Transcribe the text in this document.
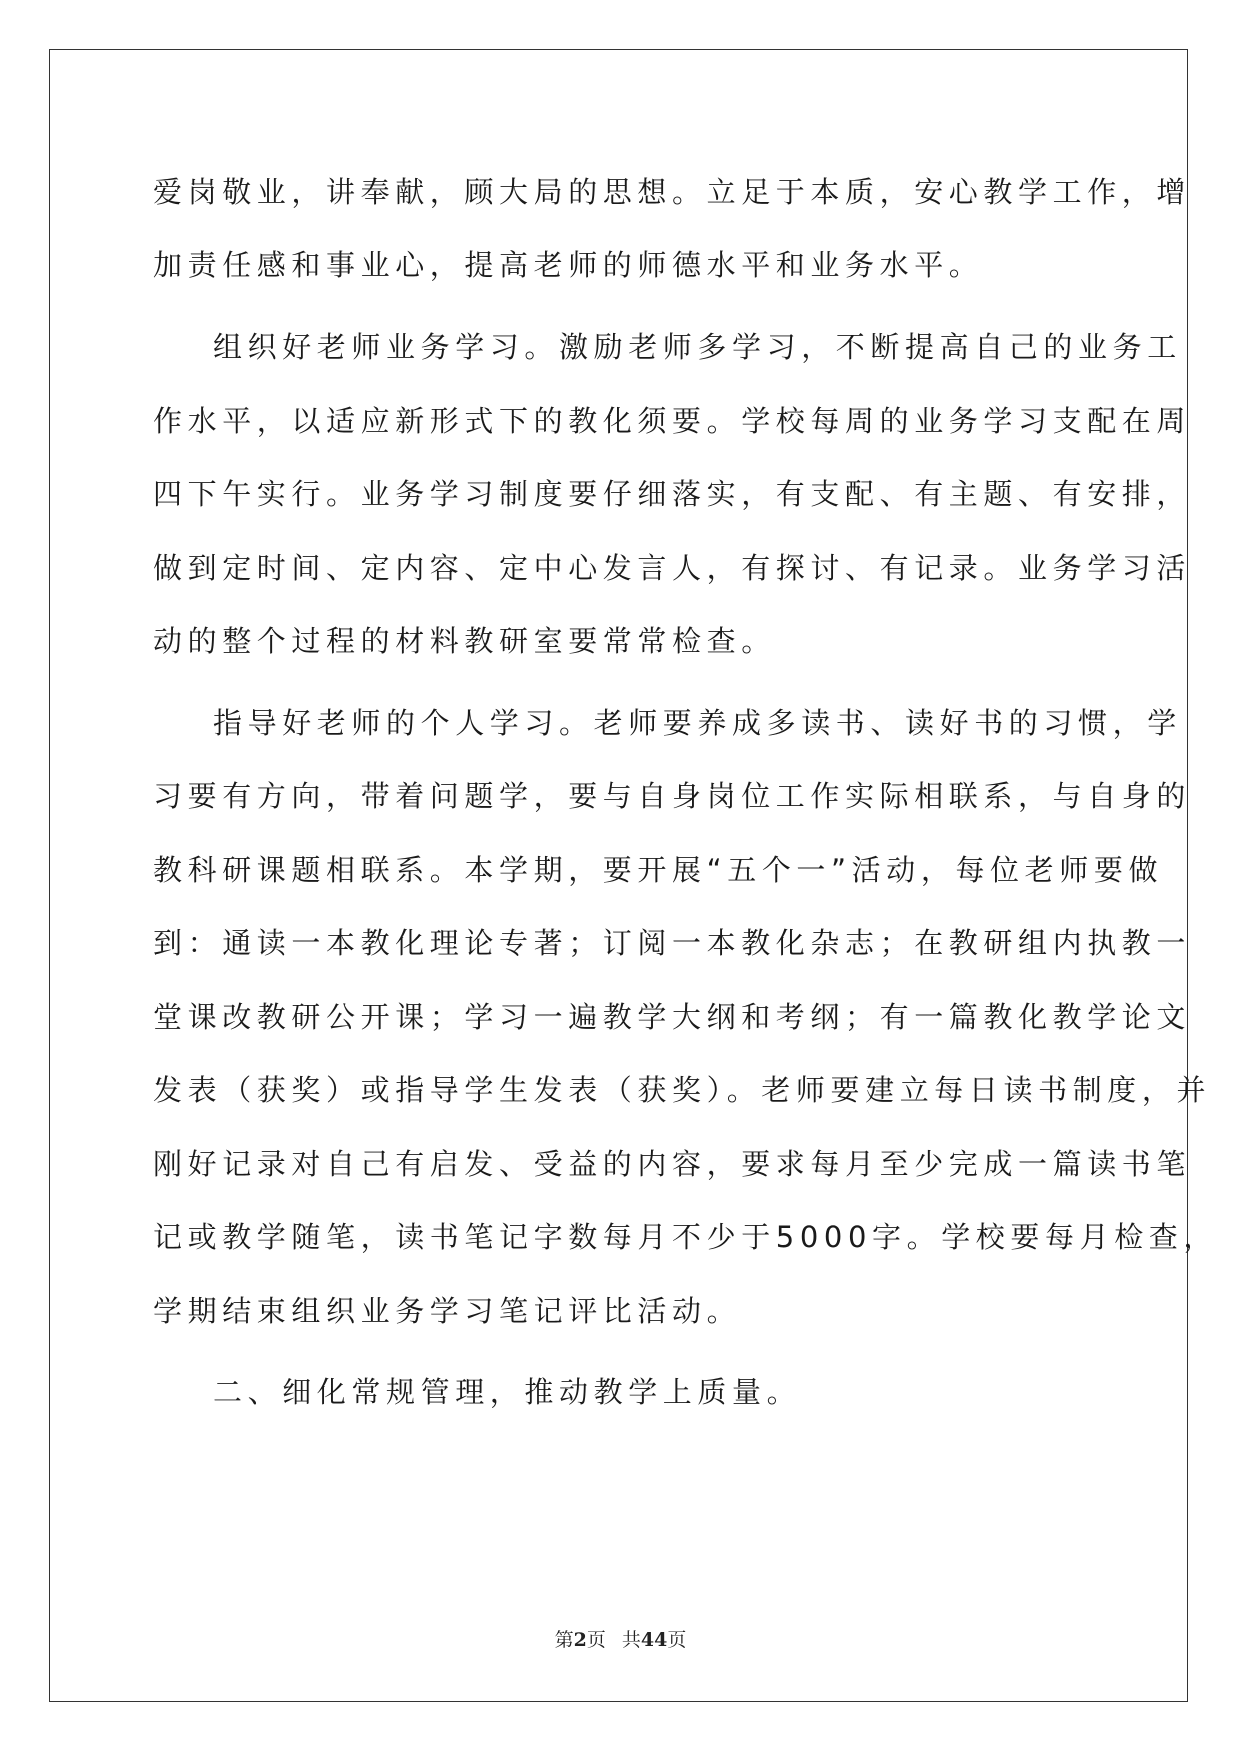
爱岗敬业，讲奉献，顾大局的思想。立足于本质，安心教学工作，增
加责任感和事业心，提高老师的师德水平和业务水平。
组织好老师业务学习。激励老师多学习，不断提高自己的业务工
作水平，以适应新形式下的教化须要。学校每周的业务学习支配在周
四下午实行。业务学习制度要仔细落实，有支配、有主题、有安排，
做到定时间、定内容、定中心发言人，有探讨、有记录。业务学习活
动的整个过程的材料教研室要常常检查。
指导好老师的个人学习。老师要养成多读书、读好书的习惯，学
习要有方向，带着问题学，要与自身岗位工作实际相联系，与自身的
教科研课题相联系。本学期，要开展“五个一”活动，每位老师要做
到：通读一本教化理论专著；订阅一本教化杂志；在教研组内执教一
堂课改教研公开课；学习一遍教学大纲和考纲；有一篇教化教学论文
发表（获奖）或指导学生发表（获奖）。老师要建立每日读书制度，并
刚好记录对自己有启发、受益的内容，要求每月至少完成一篇读书笔
记或教学随笔，读书笔记字数每月不少于5000字。学校要每月检查，
学期结束组织业务学习笔记评比活动。
二、细化常规管理，推动教学上质量。
第2页 共44页
